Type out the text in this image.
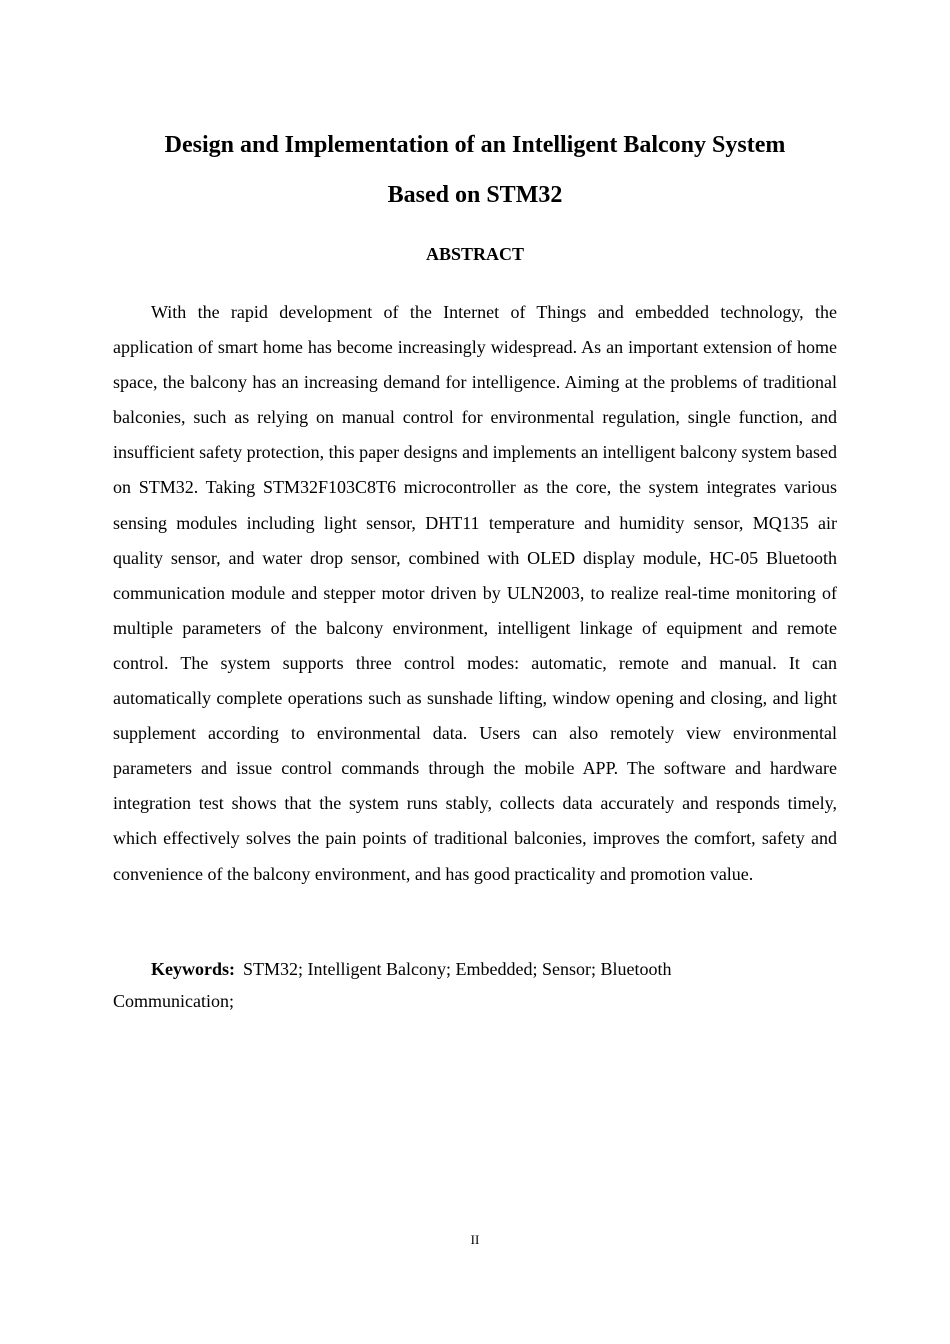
Design and Implementation of an Intelligent Balcony System
Based on STM32
ABSTRACT

With the rapid development of the Internet of Things and embedded technology, the application of smart home has become increasingly widespread. As an important extension of home space, the balcony has an increasing demand for intelligence. Aiming at the problems of traditional balconies, such as relying on manual control for environmental regulation, single function, and insufficient safety protection, this paper designs and implements an intelligent balcony system based on STM32. Taking STM32F103C8T6 microcontroller as the core, the system integrates various sensing modules including light sensor, DHT11 temperature and humidity sensor, MQ135 air quality sensor, and water drop sensor, combined with OLED display module, HC-05 Bluetooth communication module and stepper motor driven by ULN2003, to realize real-time monitoring of multiple parameters of the balcony environment, intelligent linkage of equipment and remote control. The system supports three control modes: automatic, remote and manual. It can automatically complete operations such as sunshade lifting, window opening and closing, and light supplement according to environmental data. Users can also remotely view environmental parameters and issue control commands through the mobile APP. The software and hardware integration test shows that the system runs stably, collects data accurately and responds timely, which effectively solves the pain points of traditional balconies, improves the comfort, safety and convenience of the balcony environment, and has good practicality and promotion value.

Keywords: STM32; Intelligent Balcony; Embedded; Sensor; Bluetooth Communication;

II
